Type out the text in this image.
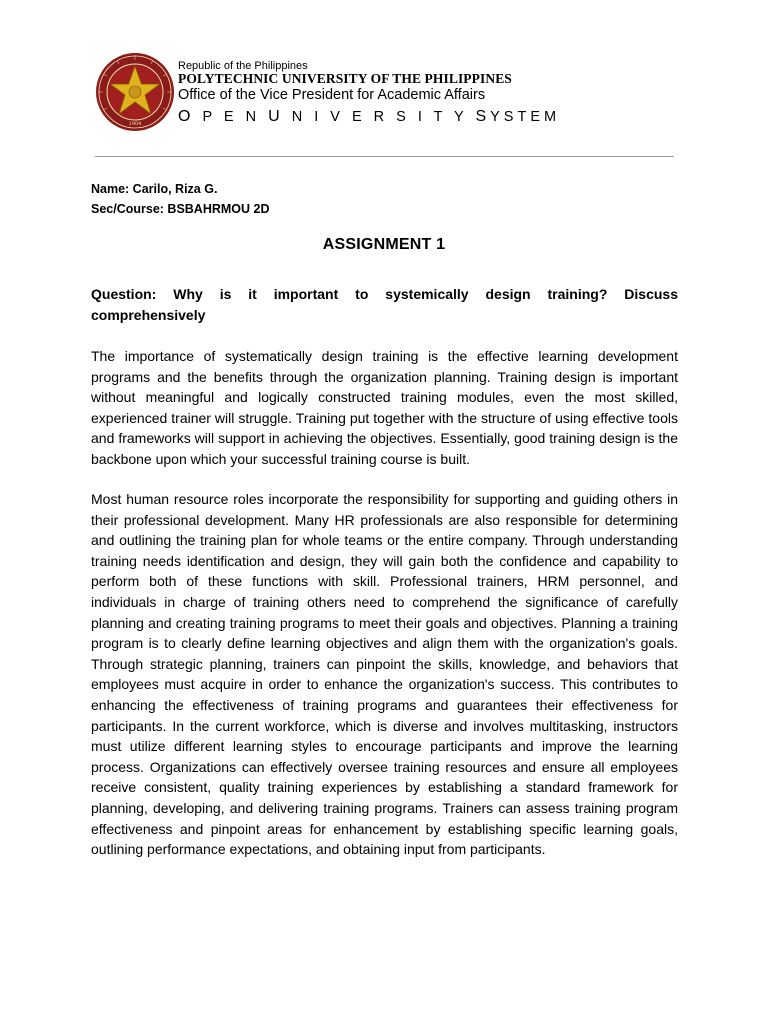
1904
Republic of the Philippines
POLYTECHNIC UNIVERSITY OF THE PHILIPPINES
Office of the Vice President for Academic Affairs
O P E N U N I V E R S I T Y SYSTEM
Name: Carilo, Riza G.
Sec/Course: BSBAHRMOU 2D
ASSIGNMENT 1
Question: Why is it important to systemically design training? Discuss comprehensively
The importance of systematically design training is the effective learning development programs and the benefits through the organization planning. Training design is important without meaningful and logically constructed training modules, even the most skilled, experienced trainer will struggle. Training put together with the structure of using effective tools and frameworks will support in achieving the objectives. Essentially, good training design is the backbone upon which your successful training course is built.
Most human resource roles incorporate the responsibility for supporting and guiding others in their professional development. Many HR professionals are also responsible for determining and outlining the training plan for whole teams or the entire company. Through understanding training needs identification and design, they will gain both the confidence and capability to perform both of these functions with skill. Professional trainers, HRM personnel, and individuals in charge of training others need to comprehend the significance of carefully planning and creating training programs to meet their goals and objectives. Planning a training program is to clearly define learning objectives and align them with the organization's goals. Through strategic planning, trainers can pinpoint the skills, knowledge, and behaviors that employees must acquire in order to enhance the organization's success. This contributes to enhancing the effectiveness of training programs and guarantees their effectiveness for participants. In the current workforce, which is diverse and involves multitasking, instructors must utilize different learning styles to encourage participants and improve the learning process. Organizations can effectively oversee training resources and ensure all employees receive consistent, quality training experiences by establishing a standard framework for planning, developing, and delivering training programs. Trainers can assess training program effectiveness and pinpoint areas for enhancement by establishing specific learning goals, outlining performance expectations, and obtaining input from participants.
